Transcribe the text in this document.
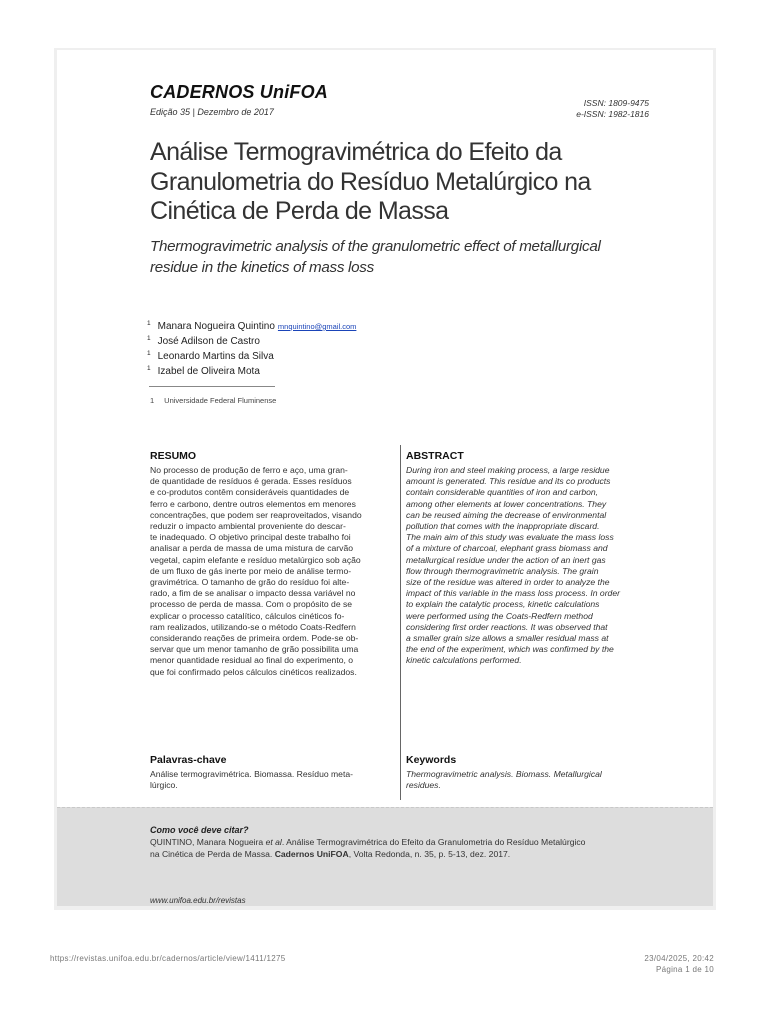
CADERNOS UniFOA
Edição 35 | Dezembro de 2017
ISSN: 1809-9475
e-ISSN: 1982-1816
Análise Termogravimétrica do Efeito da
Granulometria do Resíduo Metalúrgico na
Cinética de Perda de Massa
Thermogravimetric analysis of the granulometric effect of metallurgical
residue in the kinetics of mass loss
$^1$ Manara Nogueira Quintino mnquintino@gmail.com
$^1$ José Adilson de Castro
$^1$ Leonardo Martins da Silva
$^1$ Izabel de Oliveira Mota
1 Universidade Federal Fluminense
RESUMO
No processo de produção de ferro e aço, uma gran-
de quantidade de resíduos é gerada. Esses resíduos
e co-produtos contêm consideráveis quantidades de
ferro e carbono, dentre outros elementos em menores
concentrações, que podem ser reaproveitados, visando
reduzir o impacto ambiental proveniente do descar-
te inadequado. O objetivo principal deste trabalho foi
analisar a perda de massa de uma mistura de carvão
vegetal, capim elefante e resíduo metalúrgico sob ação
de um fluxo de gás inerte por meio de análise termo-
gravimétrica. O tamanho de grão do resíduo foi alte-
rado, a fim de se analisar o impacto dessa variável no
processo de perda de massa. Com o propósito de se
explicar o processo catalítico, cálculos cinéticos fo-
ram realizados, utilizando-se o método Coats-Redfern
considerando reações de primeira ordem. Pode-se ob-
servar que um menor tamanho de grão possibilita uma
menor quantidade residual ao final do experimento, o
que foi confirmado pelos cálculos cinéticos realizados.
ABSTRACT
During iron and steel making process, a large residue
amount is generated. This residue and its co products
contain considerable quantities of iron and carbon,
among other elements at lower concentrations. They
can be reused aiming the decrease of environmental
pollution that comes with the inappropriate discard.
The main aim of this study was evaluate the mass loss
of a mixture of charcoal, elephant grass biomass and
metallurgical residue under the action of an inert gas
flow through thermogravimetric analysis. The grain
size of the residue was altered in order to analyze the
impact of this variable in the mass loss process. In order
to explain the catalytic process, kinetic calculations
were performed using the Coats-Redfern method
considering first order reactions. It was observed that
a smaller grain size allows a smaller residual mass at
the end of the experiment, which was confirmed by the
kinetic calculations performed.
Palavras-chave
Análise termogravimétrica. Biomassa. Resíduo meta-
lúrgico.
Keywords
Thermogravimetric analysis. Biomass. Metallurgical
residues.
Como você deve citar?
QUINTINO, Manara Nogueira et al. Análise Termogravimétrica do Efeito da Granulometria do Resíduo Metalúrgico
na Cinética de Perda de Massa. Cadernos UniFOA, Volta Redonda, n. 35, p. 5-13, dez. 2017.
www.unifoa.edu.br/revistas
https://revistas.unifoa.edu.br/cadernos/article/view/1411/1275	23/04/2025, 20:42
Página 1 de 10
